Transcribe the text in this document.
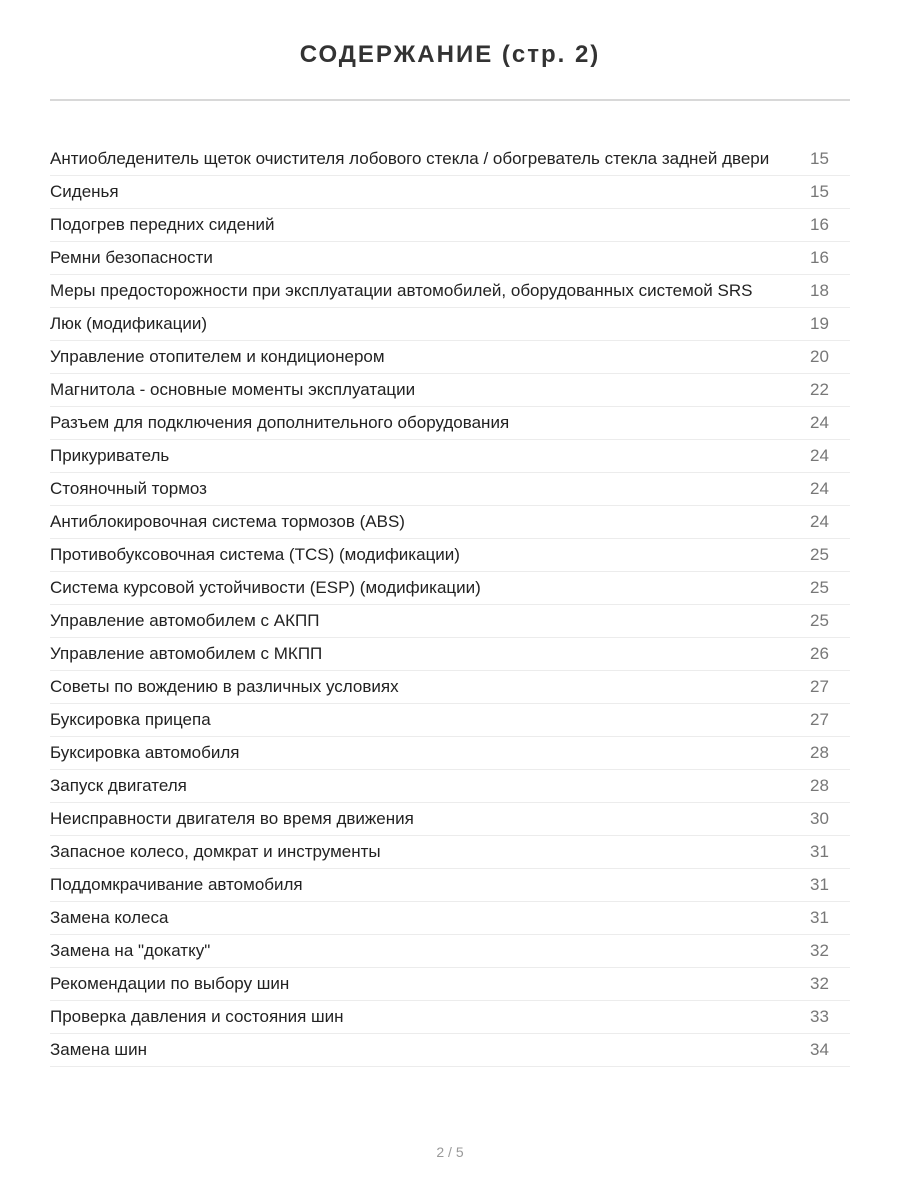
СОДЕРЖАНИЕ (стр. 2)
Антиобледенитель щеток очистителя лобового стекла / обогреватель стекла задней двери	15
Сиденья	15
Подогрев передних сидений	16
Ремни безопасности	16
Меры предосторожности при эксплуатации автомобилей, оборудованных системой SRS	18
Люк (модификации)	19
Управление отопителем и кондиционером	20
Магнитола - основные моменты эксплуатации	22
Разъем для подключения дополнительного оборудования	24
Прикуриватель	24
Стояночный тормоз	24
Антиблокировочная система тормозов (ABS)	24
Противобуксовочная система (TCS) (модификации)	25
Система курсовой устойчивости (ESP) (модификации)	25
Управление автомобилем с АКПП	25
Управление автомобилем с МКПП	26
Советы по вождению в различных условиях	27
Буксировка прицепа	27
Буксировка автомобиля	28
Запуск двигателя	28
Неисправности двигателя во время движения	30
Запасное колесо, домкрат и инструменты	31
Поддомкрачивание автомобиля	31
Замена колеса	31
Замена на "докатку"	32
Рекомендации по выбору шин	32
Проверка давления и состояния шин	33
Замена шин	34
2 / 5
